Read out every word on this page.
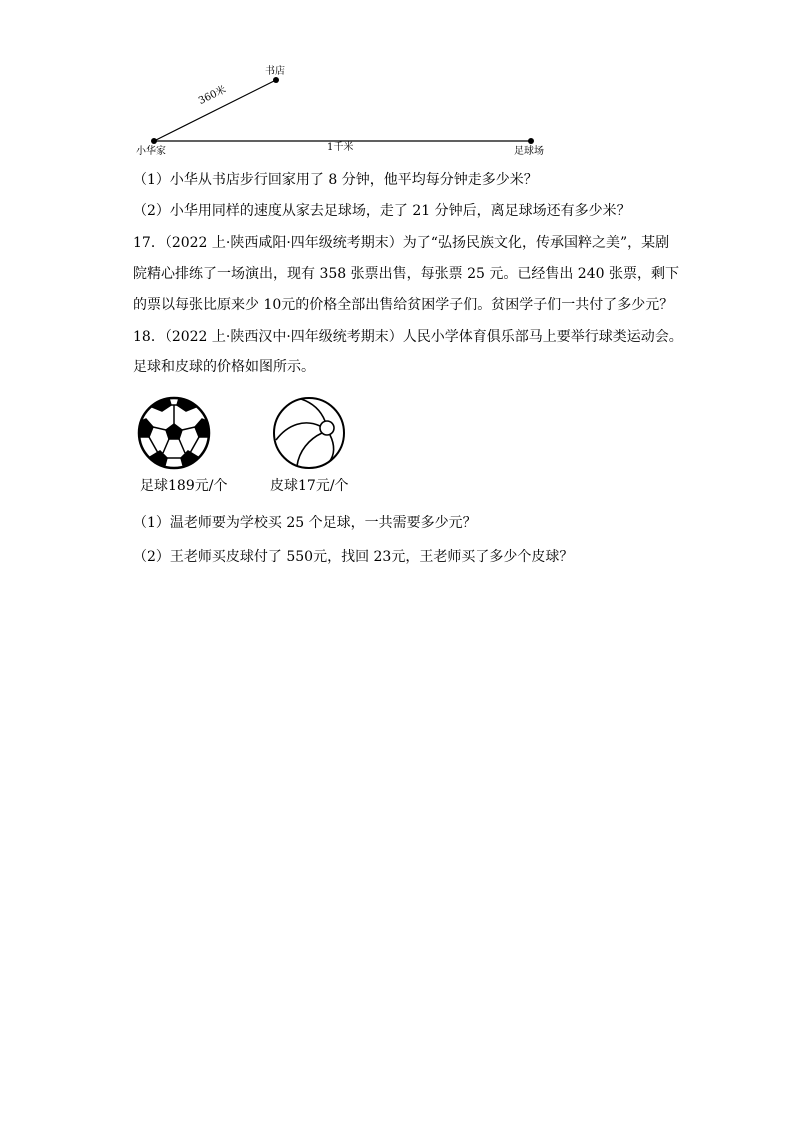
书店
小华家	足球场
360米
1千米
（1）小华从书店步行回家用了 8 分钟，他平均每分钟走多少米？
（2）小华用同样的速度从家去足球场，走了 21 分钟后，离足球场还有多少米？
17．（2022 上·陕西咸阳·四年级统考期末）为了“弘扬民族文化，传承国粹之美”，某剧
院精心排练了一场演出，现有 358 张票出售，每张票 25 元。已经售出 240 张票，剩下
的票以每张比原来少 10元的价格全部出售给贫困学子们。贫困学子们一共付了多少元？
18．（2022 上·陕西汉中·四年级统考期末）人民小学体育俱乐部马上要举行球类运动会。
足球和皮球的价格如图所示。
足球189元/个	皮球17元/个
（1）温老师要为学校买 25 个足球，一共需要多少元？
（2）王老师买皮球付了 550元，找回 23元，王老师买了多少个皮球？
